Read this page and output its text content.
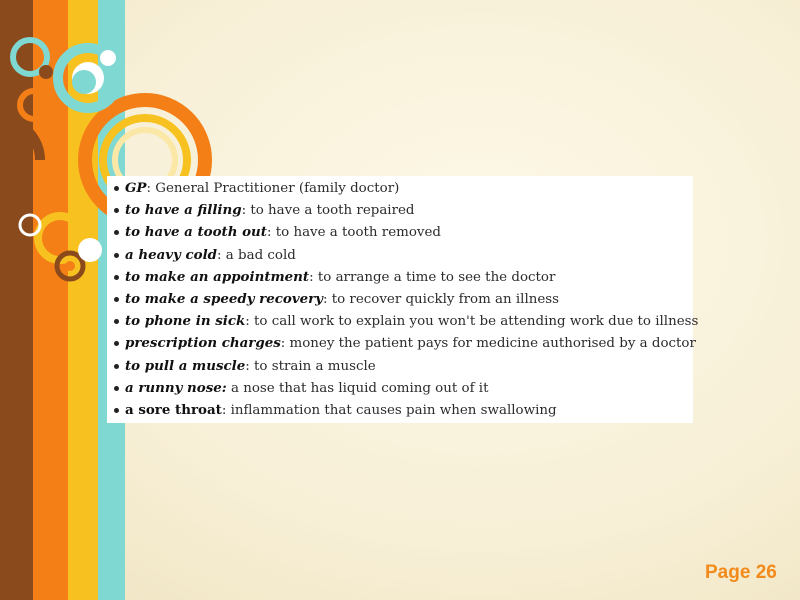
GP: General Practitioner (family doctor)
to have a filling: to have a tooth repaired
to have a tooth out: to have a tooth removed
a heavy cold: a bad cold
to make an appointment: to arrange a time to see the doctor
to make a speedy recovery: to recover quickly from an illness
to phone in sick: to call work to explain you won't be attending work due to illness
prescription charges: money the patient pays for medicine authorised by a doctor
to pull a muscle: to strain a muscle
a runny nose: a nose that has liquid coming out of it
a sore throat: inflammation that causes pain when swallowing
Page 26
